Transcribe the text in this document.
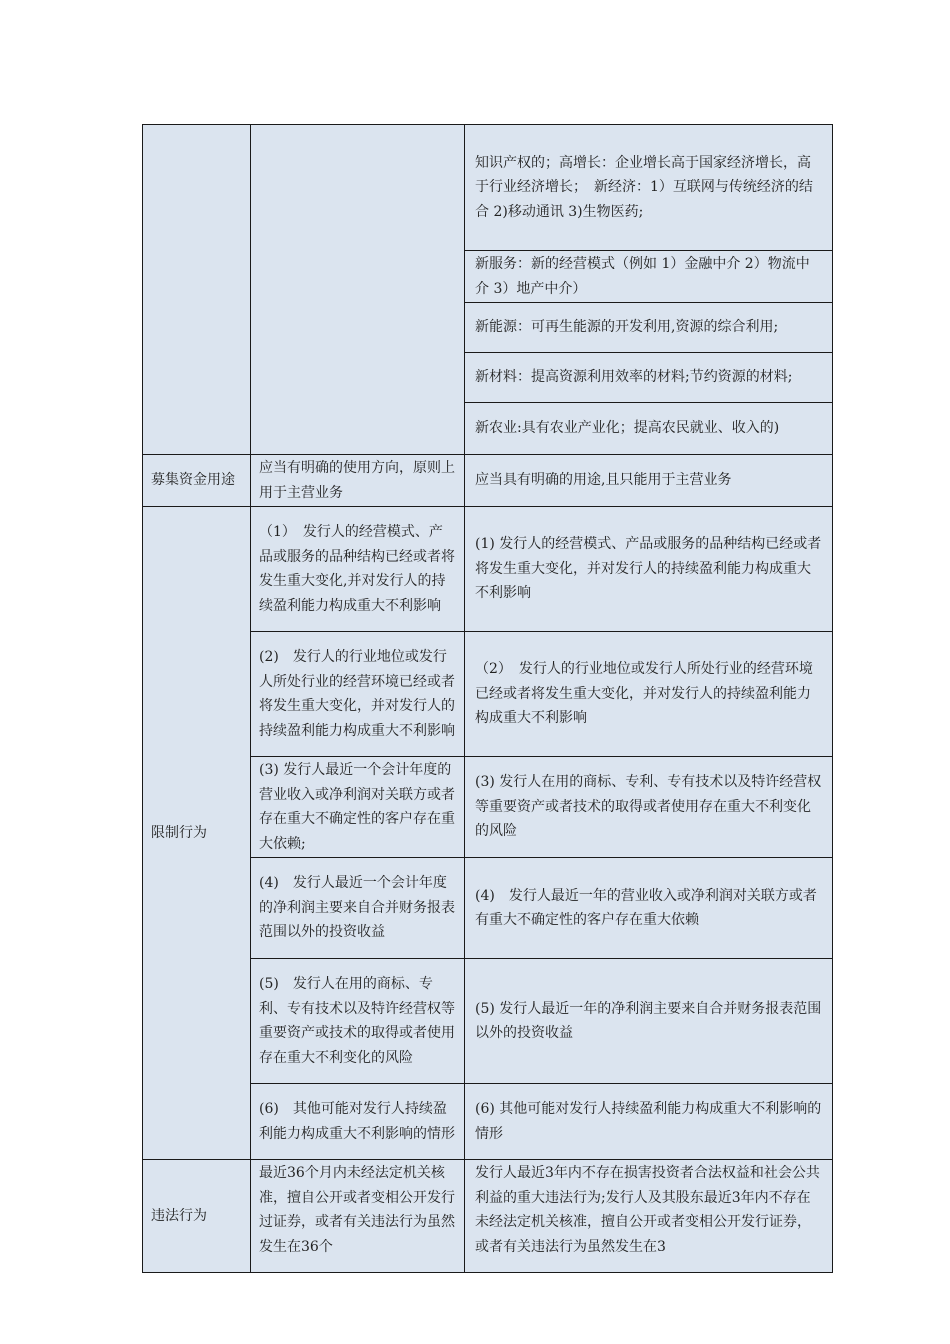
		知识产权的；高增长：企业增长高于国家经济增长，高于行业经济增长；　新经济：1）互联网与传统经济的结合 2)移动通讯 3)生物医药;
		新服务：新的经营模式（例如 1）金融中介 2）物流中介 3）地产中介）
		新能源：可再生能源的开发利用,资源的综合利用;
		新材料：提高资源利用效率的材料;节约资源的材料;
		新农业:具有农业产业化；提高农民就业、收入的)
募集资金用途	应当有明确的使用方向，原则上用于主营业务	应当具有明确的用途,且只能用于主营业务
限制行为	（1）　发行人的经营模式、产品或服务的品种结构已经或者将发生重大变化,并对发行人的持续盈利能力构成重大不利影响	(1) 发行人的经营模式、产品或服务的品种结构已经或者将发生重大变化，并对发行人的持续盈利能力构成重大不利影响
	(2)　发行人的行业地位或发行人所处行业的经营环境已经或者将发生重大变化，并对发行人的持续盈利能力构成重大不利影响	（2）　发行人的行业地位或发行人所处行业的经营环境已经或者将发生重大变化，并对发行人的持续盈利能力构成重大不利影响
	(3) 发行人最近一个会计年度的营业收入或净利润对关联方或者存在重大不确定性的客户存在重大依赖;	(3) 发行人在用的商标、专利、专有技术以及特许经营权等重要资产或者技术的取得或者使用存在重大不利变化的风险
	(4)　发行人最近一个会计年度的净利润主要来自合并财务报表范围以外的投资收益	(4)　发行人最近一年的营业收入或净利润对关联方或者有重大不确定性的客户存在重大依赖
	(5)　发行人在用的商标、专利、专有技术以及特许经营权等重要资产或技术的取得或者使用存在重大不利变化的风险	(5) 发行人最近一年的净利润主要来自合并财务报表范围以外的投资收益
	(6)　其他可能对发行人持续盈利能力构成重大不利影响的情形	(6) 其他可能对发行人持续盈利能力构成重大不利影响的情形
违法行为	最近36个月内未经法定机关核准，擅自公开或者变相公开发行过证券，或者有关违法行为虽然发生在36个	发行人最近3年内不存在损害投资者合法权益和社会公共利益的重大违法行为;发行人及其股东最近3年内不存在未经法定机关核准，擅自公开或者变相公开发行证券，或者有关违法行为虽然发生在3
